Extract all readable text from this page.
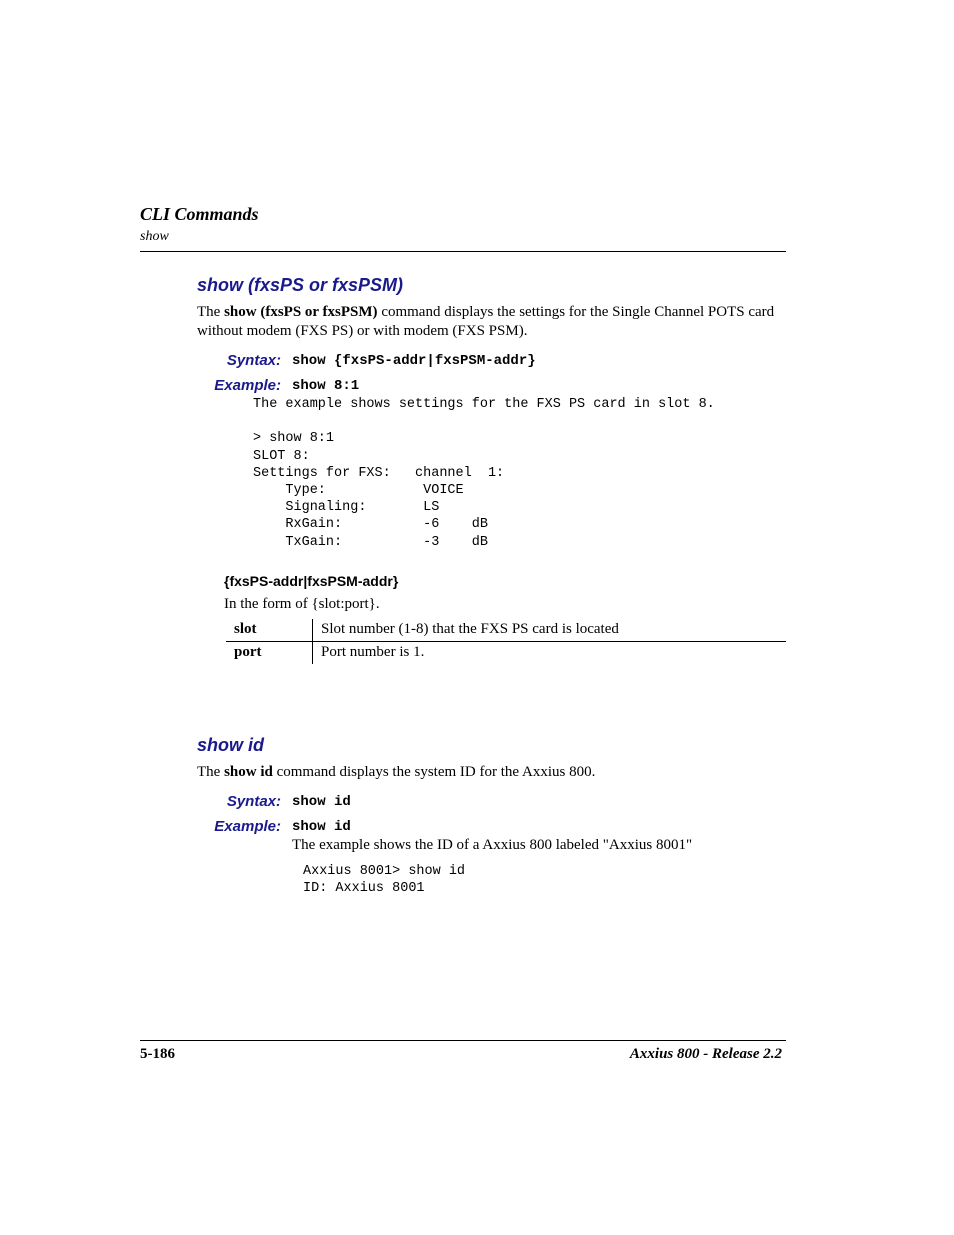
CLI Commands
show
show (fxsPS or fxsPSM)
The show (fxsPS or fxsPSM) command displays the settings for the Single Channel POTS card without modem (FXS PS) or with modem (FXS PSM).
Syntax: show {fxsPS-addr|fxsPSM-addr}
Example: show 8:1
The example shows settings for the FXS PS card in slot 8.

> show 8:1
SLOT 8:
Settings for FXS:   channel  1:
Type:            VOICE
Signaling:       LS
RxGain:          -6    dB
TxGain:          -3    dB
{fxsPS-addr|fxsPSM-addr}
In the form of {slot:port}.
slot	Slot number (1-8) that the FXS PS card is located
port	Port number is 1.
show id
The show id command displays the system ID for the Axxius 800.
Syntax: show id
Example: show id
The example shows the ID of a Axxius 800 labeled "Axxius 8001"
Axxius 8001> show id
ID: Axxius 8001
5-186	Axxius 800 - Release 2.2
